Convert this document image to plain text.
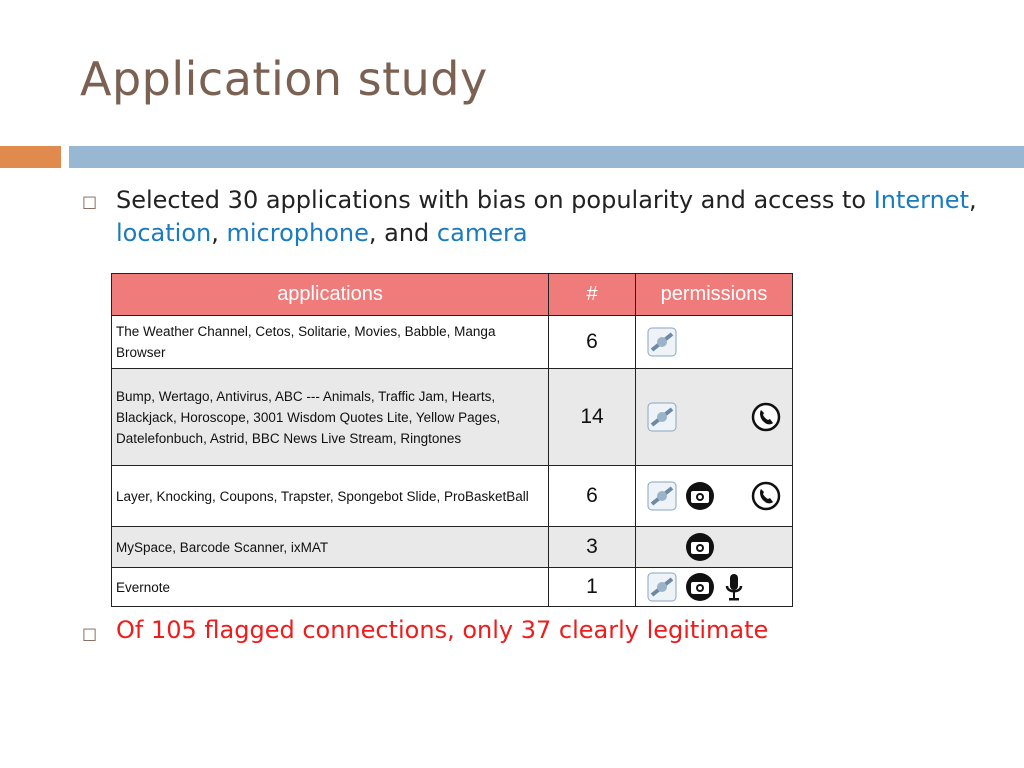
Application study
□ Selected 30 applications with bias on popularity and access to Internet, location, microphone, and camera
applications	#	permissions
The Weather Channel, Cetos, Solitarie, Movies, Babble, Manga Browser	6	

Bump, Wertago, Antivirus, ABC --- Animals, Traffic Jam, Hearts, Blackjack, Horoscope, 3001 Wisdom Quotes Lite, Yellow Pages, Datelefonbuch, Astrid, BBC News Live Stream, Ringtones	14	

Layer, Knocking, Coupons, Trapster, Spongebot Slide, ProBasketBall	6	

MySpace, Barcode Scanner, ixMAT	3	

Evernote	1	
□ Of 105 flagged connections, only 37 clearly legitimate
